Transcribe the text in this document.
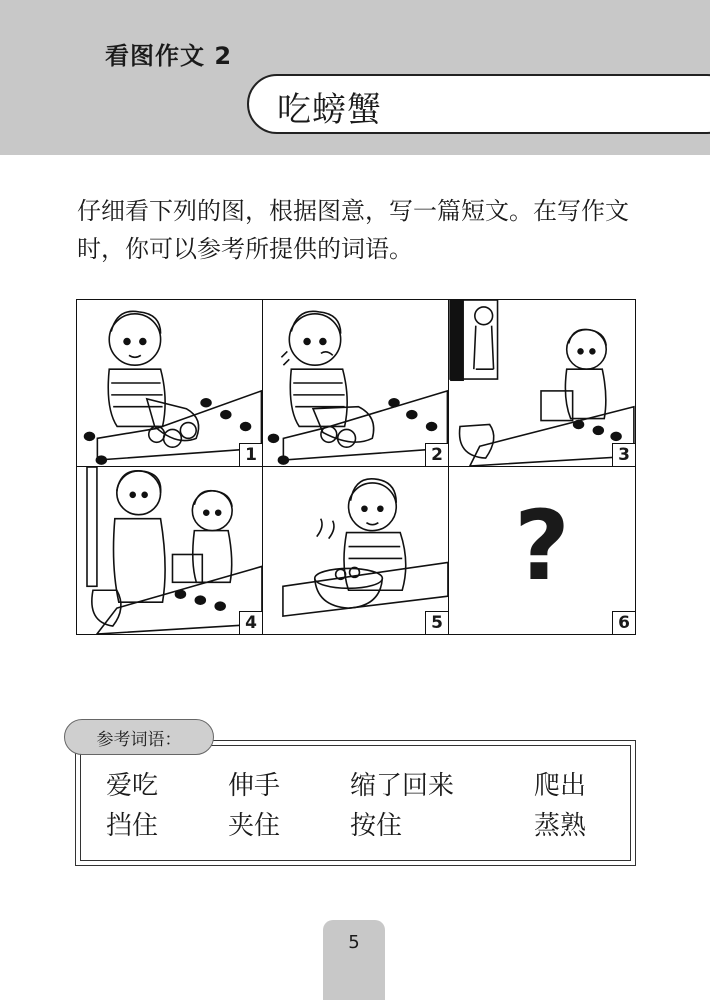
看图作文 2
吃螃蟹
仔细看下列的图，根据图意，写一篇短文。在写作文时，你可以参考所提供的词语。
1	2	3
4	5
?
6
爱吃	伸手	缩了回来	爬出
挡住	夹住	按住	蒸熟
参考词语：
5
